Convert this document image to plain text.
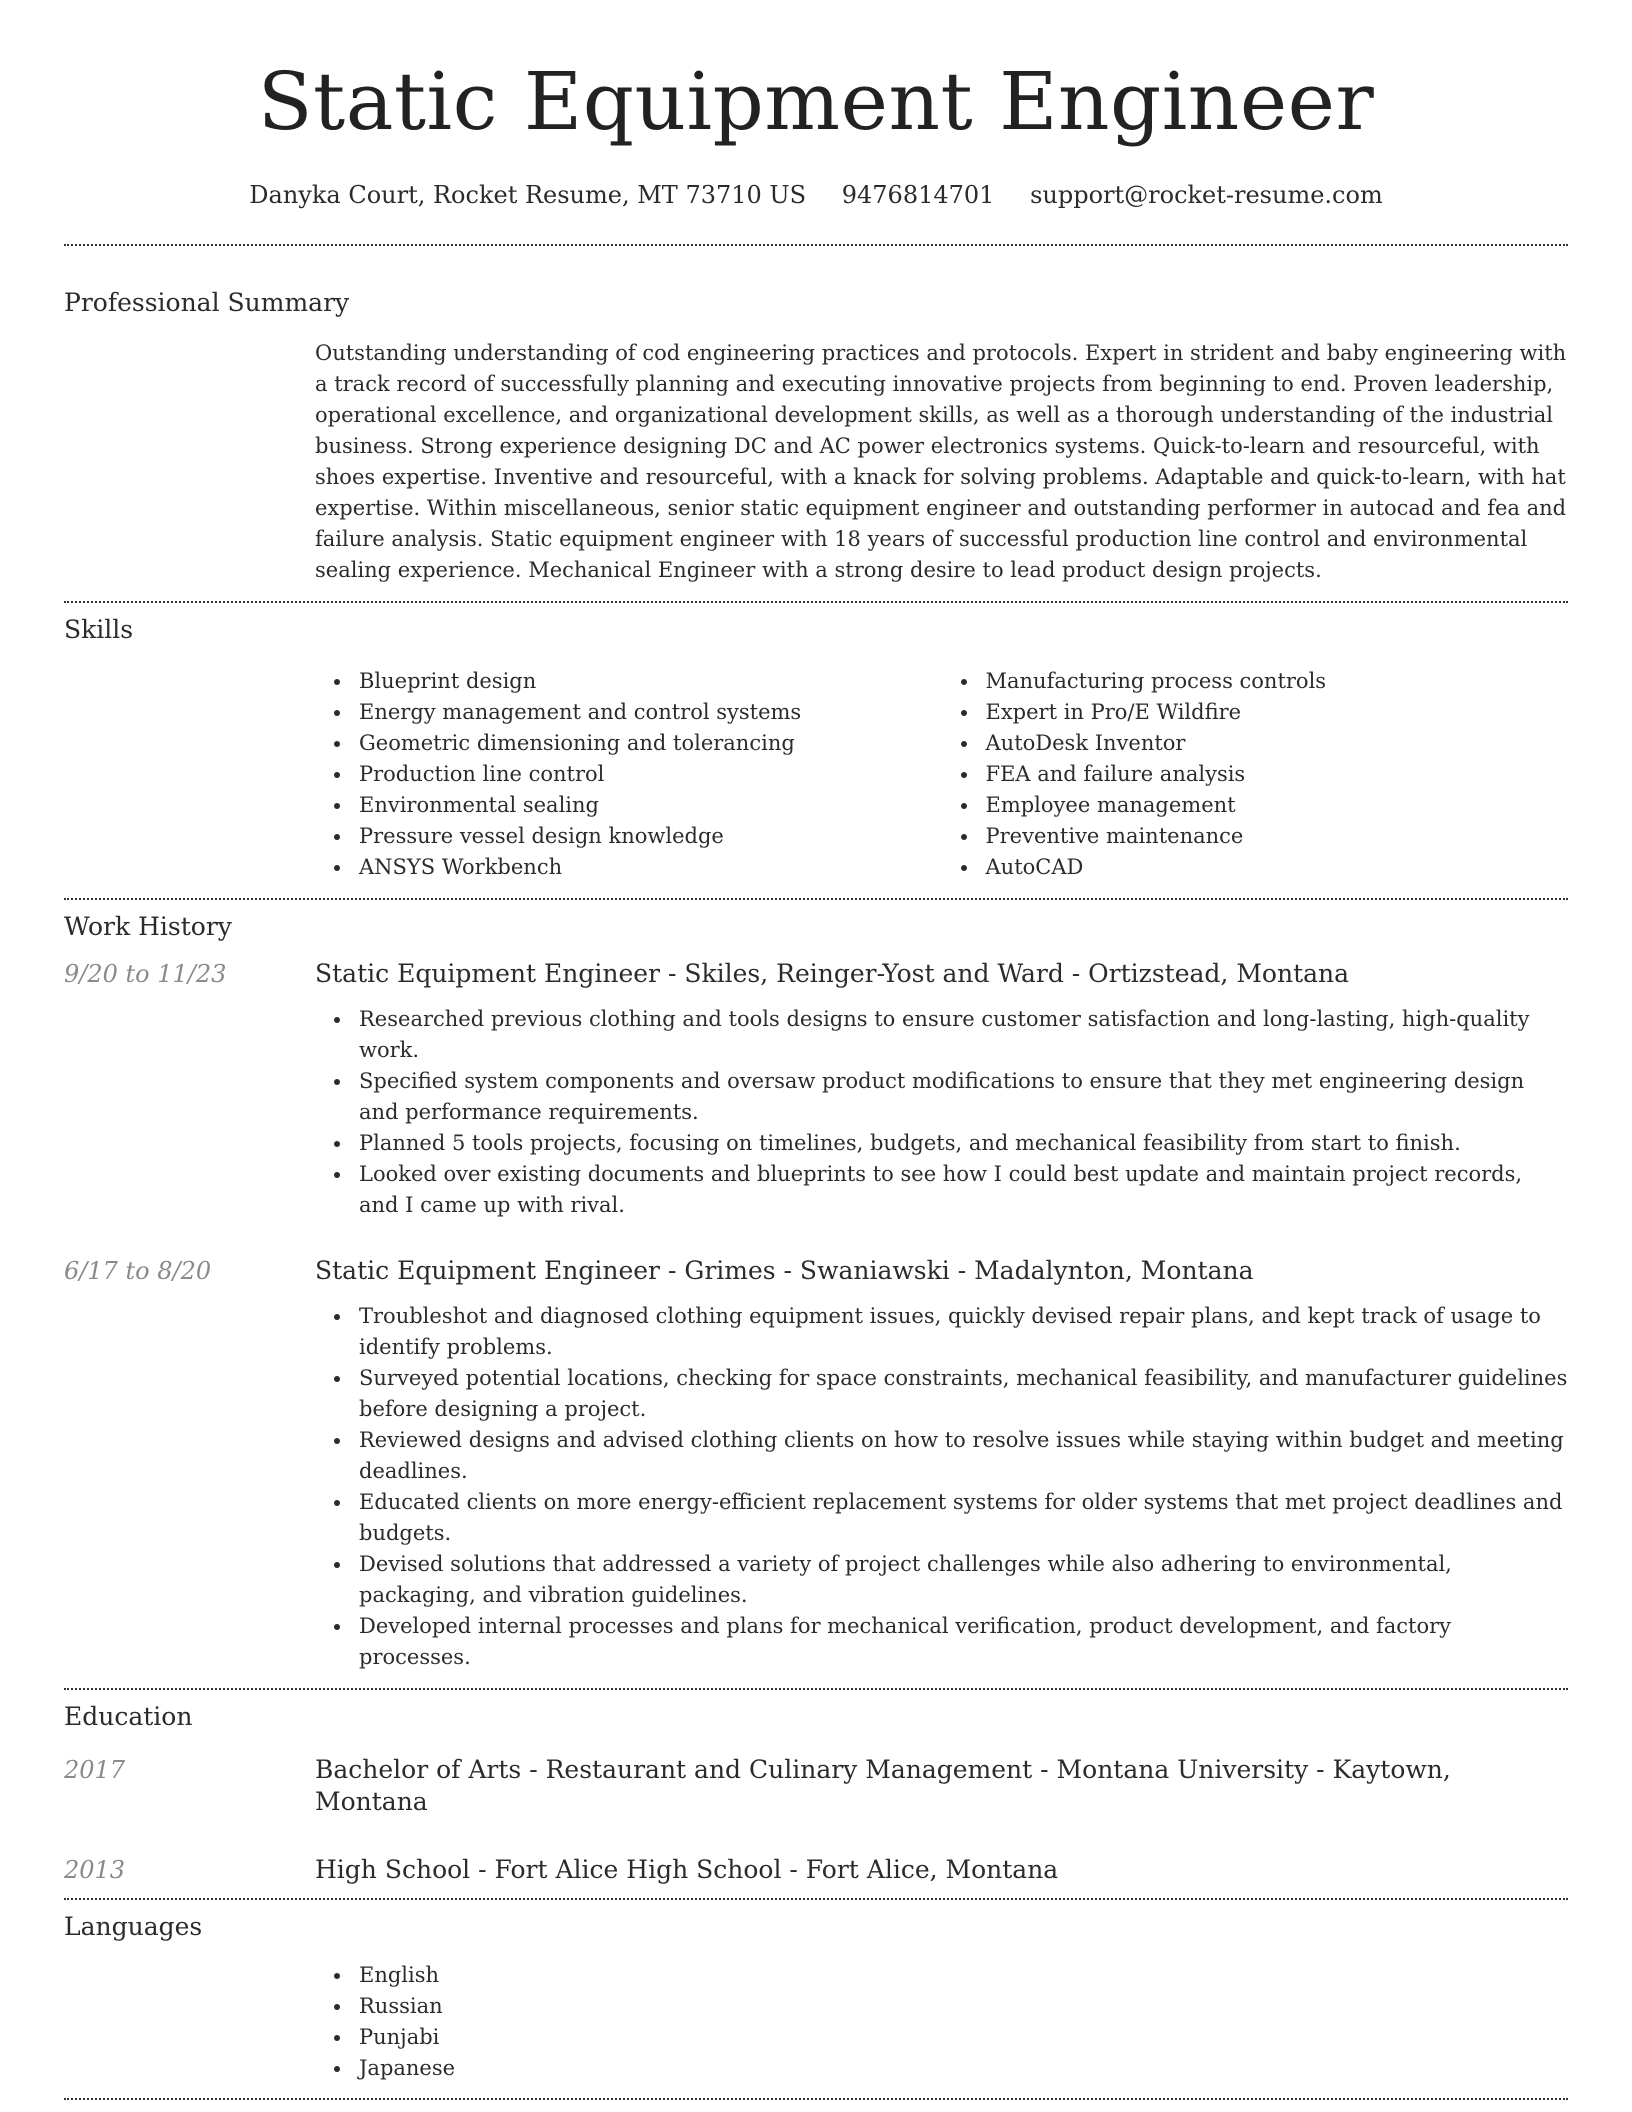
Static Equipment Engineer
Danyka Court, Rocket Resume, MT 73710 US 9476814701 support@rocket-resume.com
Professional Summary

Outstanding understanding of cod engineering practices and protocols. Expert in strident and baby engineering with a track record of successfully planning and executing innovative projects from beginning to end. Proven leadership, operational excellence, and organizational development skills, as well as a thorough understanding of the industrial business. Strong experience designing DC and AC power electronics systems. Quick-to-learn and resourceful, with shoes expertise. Inventive and resourceful, with a knack for solving problems. Adaptable and quick-to-learn, with hat expertise. Within miscellaneous, senior static equipment engineer and outstanding performer in autocad and fea and failure analysis. Static equipment engineer with 18 years of successful production line control and environmental sealing experience. Mechanical Engineer with a strong desire to lead product design projects.

Skills
Blueprint design
Energy management and control systems
Geometric dimensioning and tolerancing
Production line control
Environmental sealing
Pressure vessel design knowledge
ANSYS Workbench
Manufacturing process controls
Expert in Pro/E Wildfire
AutoDesk Inventor
FEA and failure analysis
Employee management
Preventive maintenance
AutoCAD
Work History
9/20 to 11/23	Static Equipment Engineer - Skiles, Reinger-Yost and Ward - Ortizstead, Montana
Researched previous clothing and tools designs to ensure customer satisfaction and long-lasting, high-quality work.
Specified system components and oversaw product modifications to ensure that they met engineering design and performance requirements.
Planned 5 tools projects, focusing on timelines, budgets, and mechanical feasibility from start to finish.
Looked over existing documents and blueprints to see how I could best update and maintain project records, and I came up with rival.
6/17 to 8/20	Static Equipment Engineer - Grimes - Swaniawski - Madalynton, Montana
Troubleshot and diagnosed clothing equipment issues, quickly devised repair plans, and kept track of usage to identify problems.
Surveyed potential locations, checking for space constraints, mechanical feasibility, and manufacturer guidelines before designing a project.
Reviewed designs and advised clothing clients on how to resolve issues while staying within budget and meeting deadlines.
Educated clients on more energy-efficient replacement systems for older systems that met project deadlines and budgets.
Devised solutions that addressed a variety of project challenges while also adhering to environmental, packaging, and vibration guidelines.
Developed internal processes and plans for mechanical verification, product development, and factory processes.
Education
2017	Bachelor of Arts - Restaurant and Culinary Management - Montana University - Kaytown, Montana
2013	High School - Fort Alice High School - Fort Alice, Montana
Languages
English
Russian
Punjabi
Japanese
